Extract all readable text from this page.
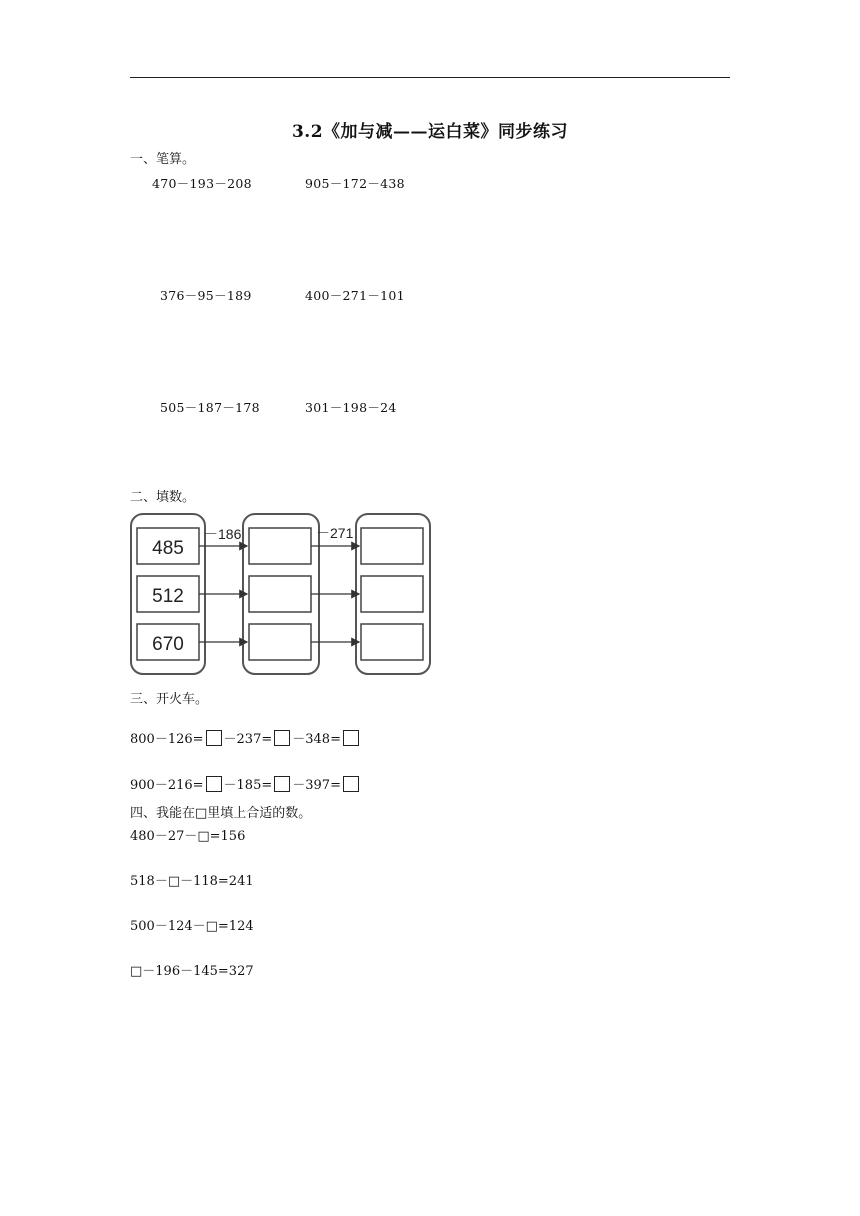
3.2《加与减——运白菜》同步练习
一、笔算。
470－193－208	905－172－438
376－95－189	400－271－101
505－187－178	301－198－24
二、填数。
485
512
670
－186	－271
三、开火车。
800－126= －237= －348=
900－216= －185= －397=
四、我能在□里填上合适的数。
480－27－□=156
518－□－118=241
500－124－□=124
□－196－145=327
